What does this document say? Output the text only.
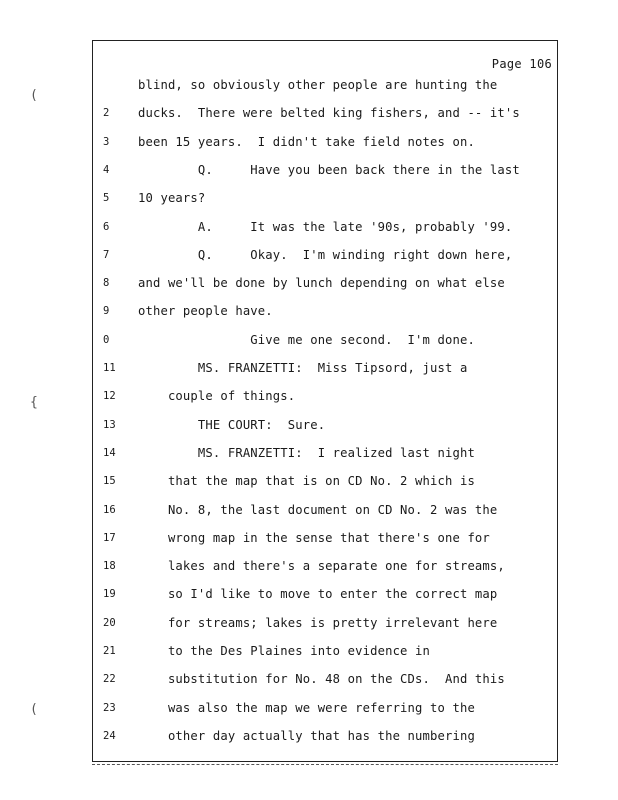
(
{
(
Page 106
blind, so obviously other people are hunting the
2	ducks.  There were belted king fishers, and -- it's
3	been 15 years.  I didn't take field notes on.
4	Q.     Have you been back there in the last
5	10 years?
6	A.     It was the late '90s, probably '99.
7	Q.     Okay.  I'm winding right down here,
8	and we'll be done by lunch depending on what else
9	other people have.
0	Give me one second.  I'm done.
11 MS. FRANZETTI:  Miss Tipsord, just a
12 couple of things.
13 THE COURT:  Sure.
14 MS. FRANZETTI:  I realized last night
15 that the map that is on CD No. 2 which is
16 No. 8, the last document on CD No. 2 was the
17 wrong map in the sense that there's one for
18 lakes and there's a separate one for streams,
19 so I'd like to move to enter the correct map
20 for streams; lakes is pretty irrelevant here
21 to the Des Plaines into evidence in
22 substitution for No. 48 on the CDs.  And this
23 was also the map we were referring to the
24 other day actually that has the numbering
